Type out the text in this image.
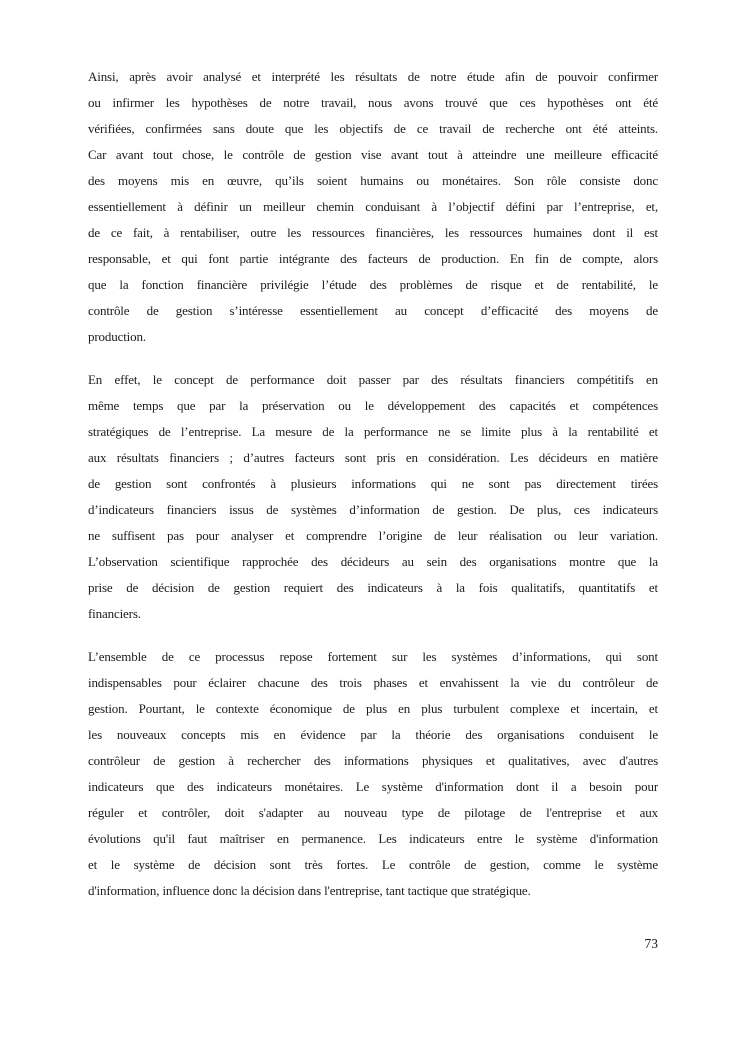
Ainsi, après avoir analysé et interprété les résultats de notre étude afin de pouvoir confirmer
ou infirmer les hypothèses de notre travail, nous avons trouvé que ces hypothèses ont été
vérifiées, confirmées sans doute que les objectifs de ce travail de recherche ont été atteints.
Car avant tout chose, le contrôle de gestion vise avant tout à atteindre une meilleure efficacité
des moyens mis en œuvre, qu’ils soient humains ou monétaires. Son rôle consiste donc
essentiellement à définir un meilleur chemin conduisant à l’objectif défini par l’entreprise, et,
de ce fait, à rentabiliser, outre les ressources financières, les ressources humaines dont il est
responsable, et qui font partie intégrante des facteurs de production. En fin de compte, alors
que la fonction financière privilégie l’étude des problèmes de risque et de rentabilité, le
contrôle de gestion s’intéresse essentiellement au concept d’efficacité des moyens de
production.
En effet, le concept de performance doit passer par des résultats financiers compétitifs en
même temps que par la préservation ou le développement des capacités et compétences
stratégiques de l’entreprise. La mesure de la performance ne se limite plus à la rentabilité et
aux résultats financiers ; d’autres facteurs sont pris en considération. Les décideurs en matière
de gestion sont confrontés à plusieurs informations qui ne sont pas directement tirées
d’indicateurs financiers issus de systèmes d’information de gestion. De plus, ces indicateurs
ne suffisent pas pour analyser et comprendre l’origine de leur réalisation ou leur variation.
L’observation scientifique rapprochée des décideurs au sein des organisations montre que la
prise de décision de gestion requiert des indicateurs à la fois qualitatifs, quantitatifs et
financiers.
L’ensemble de ce processus repose fortement sur les systèmes d’informations, qui sont
indispensables pour éclairer chacune des trois phases et envahissent la vie du contrôleur de
gestion. Pourtant, le contexte économique de plus en plus turbulent complexe et incertain, et
les nouveaux concepts mis en évidence par la théorie des organisations conduisent le
contrôleur de gestion à rechercher des informations physiques et qualitatives, avec d'autres
indicateurs que des indicateurs monétaires. Le système d'information dont il a besoin pour
réguler et contrôler, doit s'adapter au nouveau type de pilotage de l'entreprise et aux
évolutions qu'il faut maîtriser en permanence. Les indicateurs entre le système d'information
et le système de décision sont très fortes. Le contrôle de gestion, comme le système
d'information, influence donc la décision dans l'entreprise, tant tactique que stratégique.
73
